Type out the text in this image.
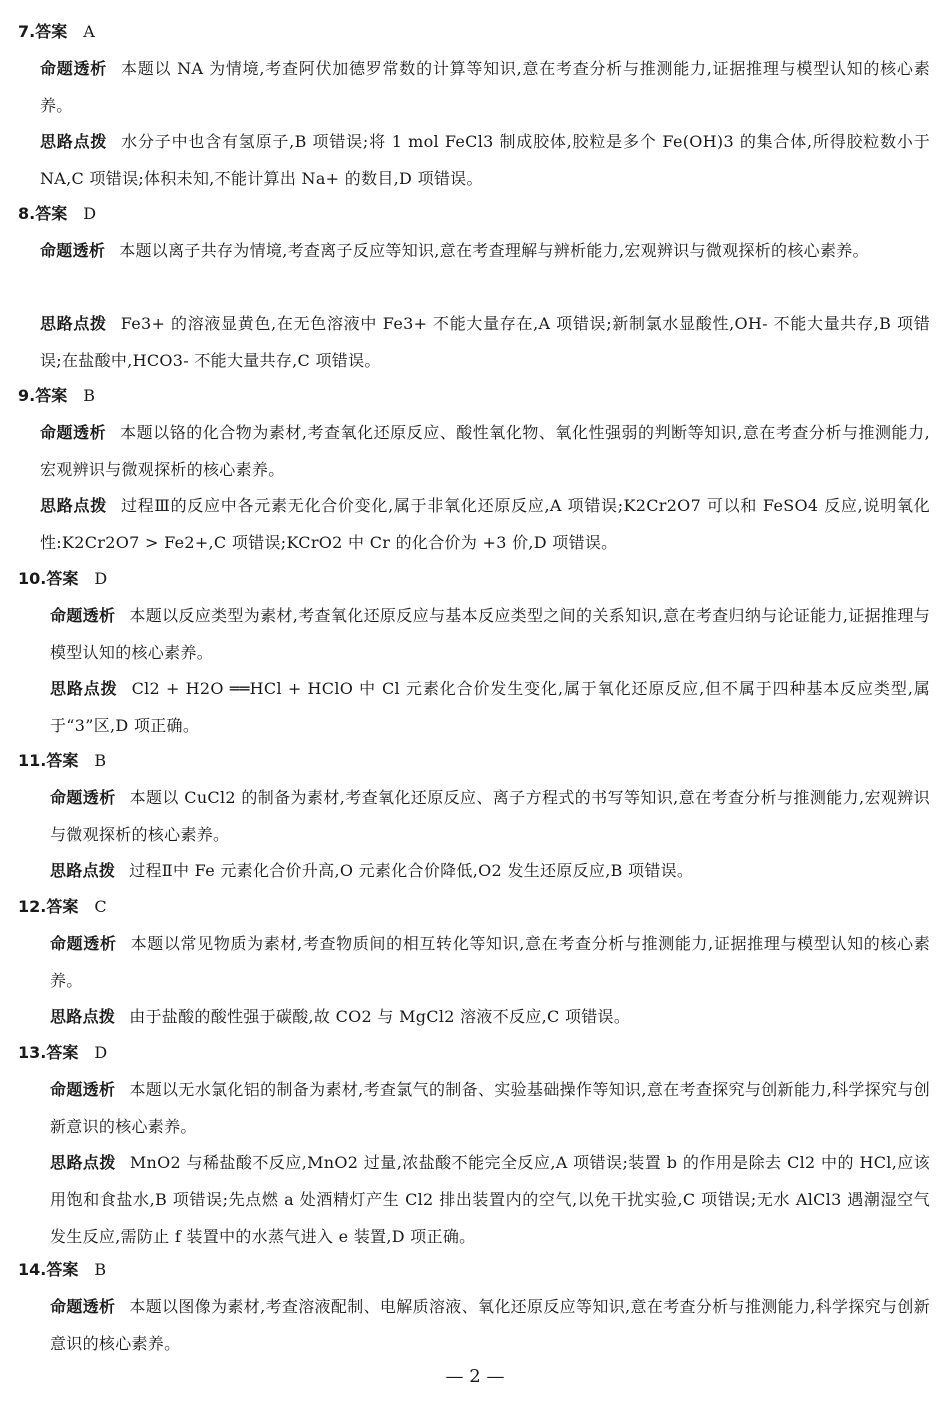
7.答案 A
命题透析 本题以 NA 为情境,考查阿伏加德罗常数的计算等知识,意在考查分析与推测能力,证据推理与模型认知的核心素养。
思路点拨 水分子中也含有氢原子,B 项错误;将 1 mol FeCl3 制成胶体,胶粒是多个 Fe(OH)3 的集合体,所得胶粒数小于 NA,C 项错误;体积未知,不能计算出 Na+ 的数目,D 项错误。
8.答案 D
命题透析 本题以离子共存为情境,考查离子反应等知识,意在考查理解与辨析能力,宏观辨识与微观探析的核心素养。
思路点拨 Fe3+ 的溶液显黄色,在无色溶液中 Fe3+ 不能大量存在,A 项错误;新制氯水显酸性,OH- 不能大量共存,B 项错误;在盐酸中,HCO3- 不能大量共存,C 项错误。
9.答案 B
命题透析 本题以铬的化合物为素材,考查氧化还原反应、酸性氧化物、氧化性强弱的判断等知识,意在考查分析与推测能力,宏观辨识与微观探析的核心素养。
思路点拨 过程Ⅲ的反应中各元素无化合价变化,属于非氧化还原反应,A 项错误;K2Cr2O7 可以和 FeSO4 反应,说明氧化性:K2Cr2O7 > Fe2+,C 项错误;KCrO2 中 Cr 的化合价为 +3 价,D 项错误。
10.答案 D
命题透析 本题以反应类型为素材,考查氧化还原反应与基本反应类型之间的关系知识,意在考查归纳与论证能力,证据推理与模型认知的核心素养。
思路点拨 Cl2 + H2O ══HCl + HClO 中 Cl 元素化合价发生变化,属于氧化还原反应,但不属于四种基本反应类型,属于“3”区,D 项正确。
11.答案 B
命题透析 本题以 CuCl2 的制备为素材,考查氧化还原反应、离子方程式的书写等知识,意在考查分析与推测能力,宏观辨识与微观探析的核心素养。
思路点拨 过程Ⅱ中 Fe 元素化合价升高,O 元素化合价降低,O2 发生还原反应,B 项错误。
12.答案 C
命题透析 本题以常见物质为素材,考查物质间的相互转化等知识,意在考查分析与推测能力,证据推理与模型认知的核心素养。
思路点拨 由于盐酸的酸性强于碳酸,故 CO2 与 MgCl2 溶液不反应,C 项错误。
13.答案 D
命题透析 本题以无水氯化铝的制备为素材,考查氯气的制备、实验基础操作等知识,意在考查探究与创新能力,科学探究与创新意识的核心素养。
思路点拨 MnO2 与稀盐酸不反应,MnO2 过量,浓盐酸不能完全反应,A 项错误;装置 b 的作用是除去 Cl2 中的 HCl,应该用饱和食盐水,B 项错误;先点燃 a 处酒精灯产生 Cl2 排出装置内的空气,以免干扰实验,C 项错误;无水 AlCl3 遇潮湿空气发生反应,需防止 f 装置中的水蒸气进入 e 装置,D 项正确。
14.答案 B
命题透析 本题以图像为素材,考查溶液配制、电解质溶液、氧化还原反应等知识,意在考查分析与推测能力,科学探究与创新意识的核心素养。
— 2 —
